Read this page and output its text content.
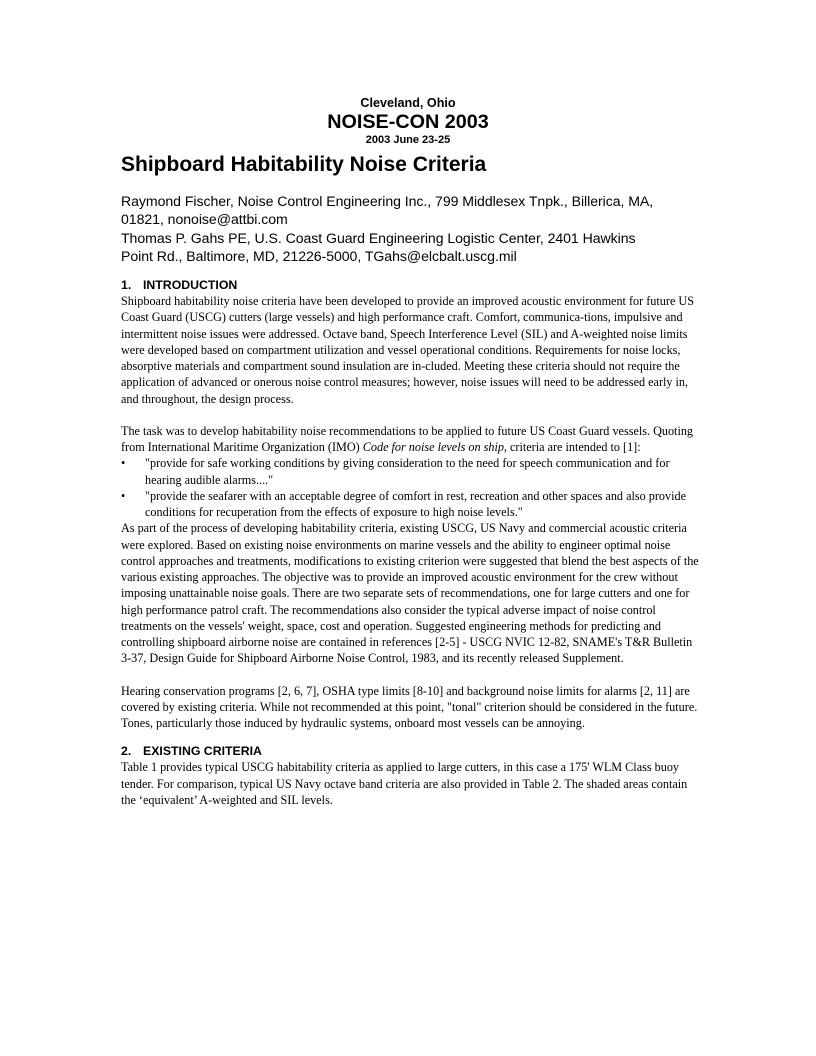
Cleveland, Ohio
NOISE-CON 2003
2003 June 23-25
Shipboard Habitability Noise Criteria
Raymond Fischer, Noise Control Engineering Inc., 799 Middlesex Tnpk., Billerica, MA,
01821, nonoise@attbi.com
Thomas P. Gahs PE, U.S. Coast Guard Engineering Logistic Center, 2401 Hawkins
Point Rd., Baltimore, MD, 21226-5000, TGahs@elcbalt.uscg.mil
1. INTRODUCTION

Shipboard habitability noise criteria have been developed to provide an improved acoustic environment for future US Coast Guard (USCG) cutters (large vessels) and high performance craft. Comfort, communica-tions, impulsive and intermittent noise issues were addressed. Octave band, Speech Interference Level (SIL) and A-weighted noise limits were developed based on compartment utilization and vessel operational conditions. Requirements for noise locks, absorptive materials and compartment sound insulation are in-cluded. Meeting these criteria should not require the application of advanced or onerous noise control measures; however, noise issues will need to be addressed early in, and throughout, the design process.

The task was to develop habitability noise recommendations to be applied to future US Coast Guard vessels. Quoting from International Maritime Organization (IMO) Code for noise levels on ship, criteria are intended to [1]:

• "provide for safe working conditions by giving consideration to the need for speech communication and for hearing audible alarms...."
• "provide the seafarer with an acceptable degree of comfort in rest, recreation and other spaces and also provide conditions for recuperation from the effects of exposure to high noise levels."

As part of the process of developing habitability criteria, existing USCG, US Navy and commercial acoustic criteria were explored. Based on existing noise environments on marine vessels and the ability to engineer optimal noise control approaches and treatments, modifications to existing criterion were suggested that blend the best aspects of the various existing approaches. The objective was to provide an improved acoustic environment for the crew without imposing unattainable noise goals. There are two separate sets of recommendations, one for large cutters and one for high performance patrol craft. The recommendations also consider the typical adverse impact of noise control treatments on the vessels' weight, space, cost and operation. Suggested engineering methods for predicting and controlling shipboard airborne noise are contained in references [2-5] - USCG NVIC 12-82, SNAME's T&R Bulletin 3-37, Design Guide for Shipboard Airborne Noise Control, 1983, and its recently released Supplement.

Hearing conservation programs [2, 6, 7], OSHA type limits [8-10] and background noise limits for alarms [2, 11] are covered by existing criteria. While not recommended at this point, "tonal" criterion should be considered in the future. Tones, particularly those induced by hydraulic systems, onboard most vessels can be annoying.

2. EXISTING CRITERIA

Table 1 provides typical USCG habitability criteria as applied to large cutters, in this case a 175' WLM Class buoy tender. For comparison, typical US Navy octave band criteria are also provided in Table 2. The shaded areas contain the ‘equivalent’ A-weighted and SIL levels.
